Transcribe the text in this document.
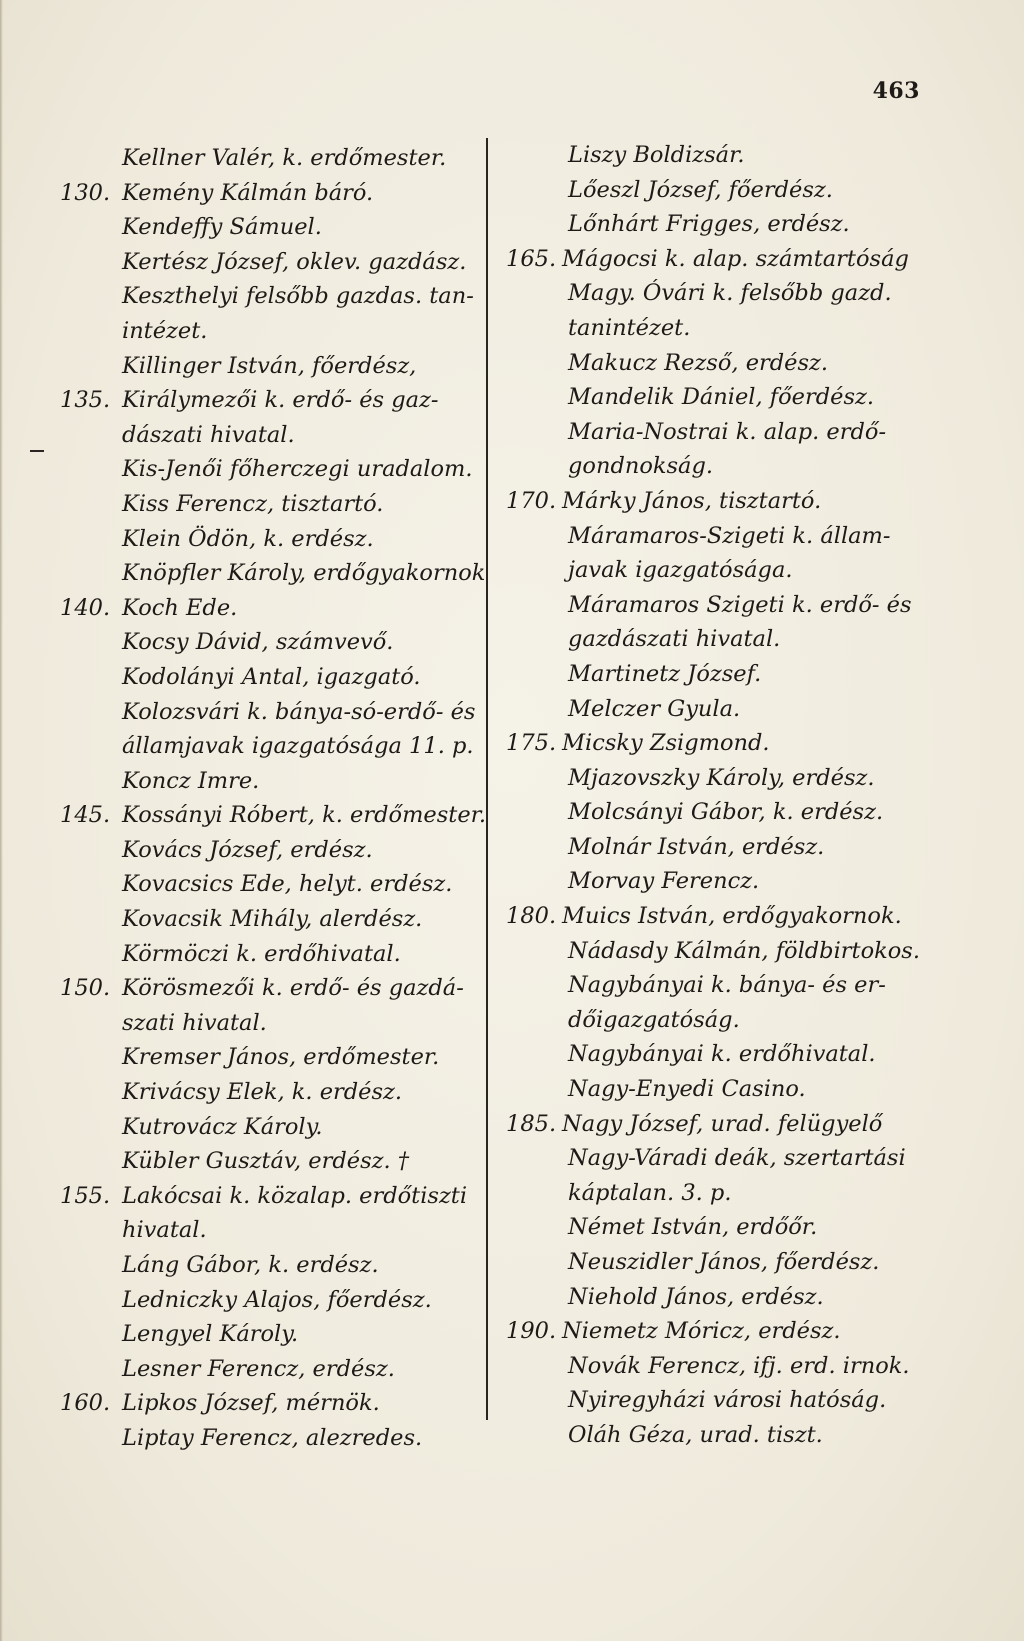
463
Kellner Valér, k. erdőmester.
130. Kemény Kálmán báró.
Kendeffy Sámuel.
Kertész József, oklev. gazdász.
Keszthelyi felsőbb gazdas. tan-
intézet.
Killinger István, főerdész,
135. Királymezői k. erdő- és gaz-
dászati hivatal.
Kis-Jenői főherczegi uradalom.
Kiss Ferencz, tisztartó.
Klein Ödön, k. erdész.
Knöpfler Károly, erdőgyakornok
140. Koch Ede.
Kocsy Dávid, számvevő.
Kodolányi Antal, igazgató.
Kolozsvári k. bánya-só-erdő- és
államjavak igazgatósága 11. p.
Koncz Imre.
145. Kossányi Róbert, k. erdőmester.
Kovács József, erdész.
Kovacsics Ede, helyt. erdész.
Kovacsik Mihály, alerdész.
Körmöczi k. erdőhivatal.
150. Körösmezői k. erdő- és gazdá-
szati hivatal.
Kremser János, erdőmester.
Krivácsy Elek, k. erdész.
Kutrovácz Károly.
Kübler Gusztáv, erdész. †
155. Lakócsai k. közalap. erdőtiszti
hivatal.
Láng Gábor, k. erdész.
Ledniczky Alajos, főerdész.
Lengyel Károly.
Lesner Ferencz, erdész.
160. Lipkos József, mérnök.
Liptay Ferencz, alezredes.
Liszy Boldizsár.
Lőeszl József, főerdész.
Lőnhárt Frigges, erdész.
165. Mágocsi k. alap. számtartóság
Magy. Óvári k. felsőbb gazd.
tanintézet.
Makucz Rezső, erdész.
Mandelik Dániel, főerdész.
Maria-Nostrai k. alap. erdő-
gondnokság.
170. Márky János, tisztartó.
Máramaros-Szigeti k. állam-
javak igazgatósága.
Máramaros Szigeti k. erdő- és
gazdászati hivatal.
Martinetz József.
Melczer Gyula.
175. Micsky Zsigmond.
Mjazovszky Károly, erdész.
Molcsányi Gábor, k. erdész.
Molnár István, erdész.
Morvay Ferencz.
180. Muics István, erdőgyakornok.
Nádasdy Kálmán, földbirtokos.
Nagybányai k. bánya- és er-
dőigazgatóság.
Nagybányai k. erdőhivatal.
Nagy-Enyedi Casino.
185. Nagy József, urad. felügyelő
Nagy-Váradi deák, szertartási
káptalan. 3. p.
Német István, erdőőr.
Neuszidler János, főerdész.
Niehold János, erdész.
190. Niemetz Móricz, erdész.
Novák Ferencz, ifj. erd. irnok.
Nyiregyházi városi hatóság.
Oláh Géza, urad. tiszt.
